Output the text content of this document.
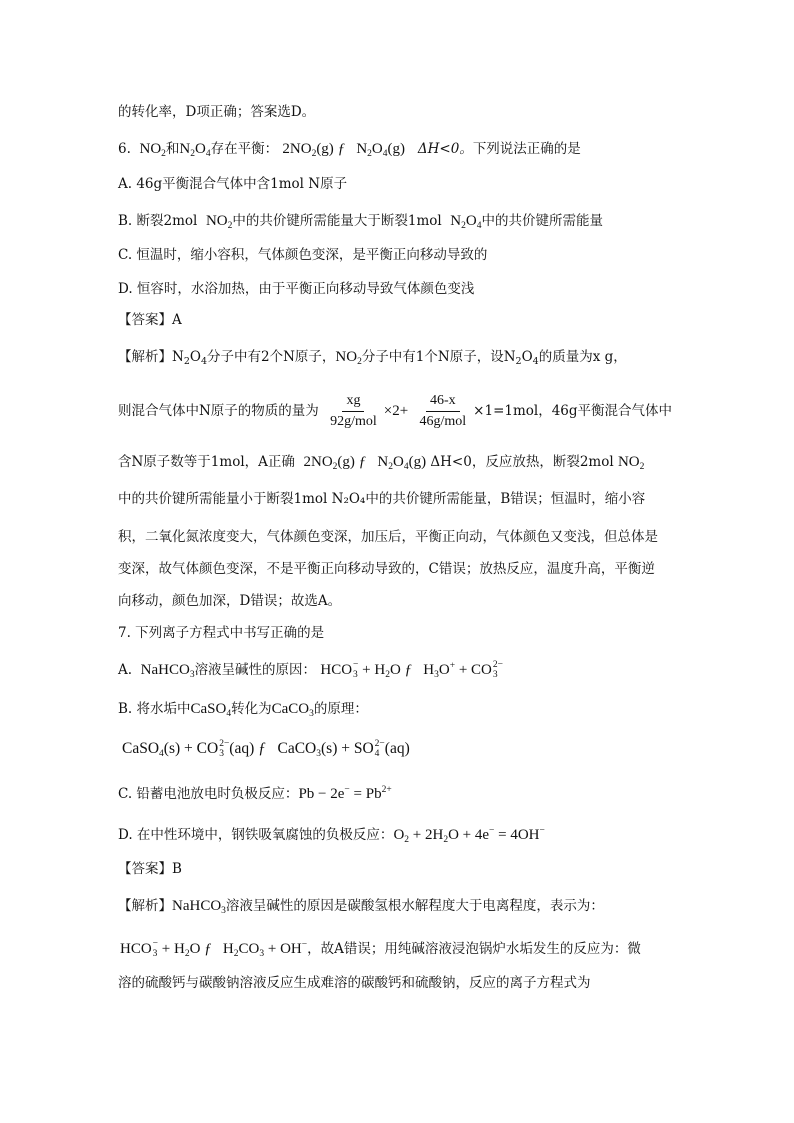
的转化率，D项正确；答案选D。
6. $NO_2$和$N_2O_4$存在平衡： $2NO_2(g)$ ƒ   $N_2O_4(g)$ ΔH<0。下列说法正确的是
A. 46g平衡混合气体中含1mol N原子
B. 断裂2mol $NO_2$中的共价键所需能量大于断裂1mol $N_2O_4$中的共价键所需能量
C. 恒温时，缩小容积，气体颜色变深，是平衡正向移动导致的
D. 恒容时，水浴加热，由于平衡正向移动导致气体颜色变浅
【答案】A
【解析】$N_2O_4$分子中有2个N原子，$NO_2$分子中有1个N原子，设$N_2O_4$的质量为x g，
则混合气体中N原子的物质的量为 $\frac{xg}{\text{92g/mol}} \times 2+ \frac{46-x}{\text{46g/mol}} \times 1=1mol$，46g平衡混合气体中
含N原子数等于1mol，A正确 $2NO_2(g)$ ƒ   $N_2O_4(g)$ ΔH<0，反应放热，断裂2mol $NO_2$
中的共价键所需能量小于断裂1mol N₂O₄中的共价键所需能量，B错误；恒温时，缩小容
积，二氧化氮浓度变大，气体颜色变深，加压后，平衡正向动，气体颜色又变浅，但总体是
变深，故气体颜色变深，不是平衡正向移动导致的，C错误；放热反应，温度升高，平衡逆
向移动，颜色加深，D错误；故选A。
7. 下列离子方程式中书写正确的是
A. NaHCO$_3$溶液呈碱性的原因： HCO −
$3 + H_2O$ ƒ   $H_3O^+$ + CO 2−
3
B. 将水垢中CaSO$_4$转化为CaCO$_3$的原理：
CaSO$_4$(s) + CO 2−
3 (aq) ƒ   CaCO$_3$(s) + SO 2−
4 (aq)
C. 铅蓄电池放电时负极反应：$Pb - 2e^- = Pb^{2+}$
D. 在中性环境中，钢铁吸氧腐蚀的负极反应：$O_2 + 2H_2O + 4e^- = 4OH^-$
【答案】B
【解析】NaHCO$_3$溶液呈碱性的原因是碳酸氢根水解程度大于电离程度，表示为：
HCO −
$3 + H_2O$ ƒ   $H_2CO_3 + OH^-$，故A错误；用纯碱溶液浸泡锅炉水垢发生的反应为：微
溶的硫酸钙与碳酸钠溶液反应生成难溶的碳酸钙和硫酸钠，反应的离子方程式为
